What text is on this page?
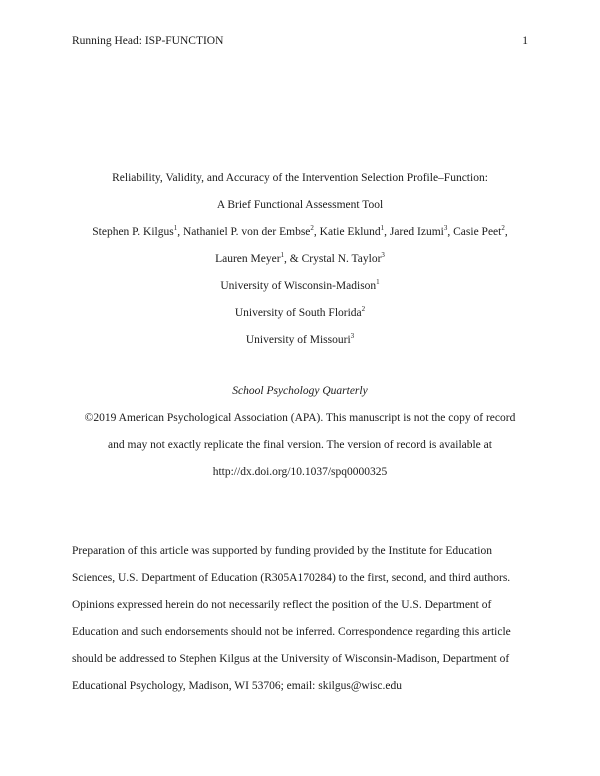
Running Head: ISP-FUNCTION	1

Reliability, Validity, and Accuracy of the Intervention Selection Profile–Function:

A Brief Functional Assessment Tool

Stephen P. Kilgus$^1$, Nathaniel P. von der Embse$^2$, Katie Eklund$^1$, Jared Izumi$^3$, Casie Peet$^2$,

Lauren Meyer$^1$, & Crystal N. Taylor$^3$

University of Wisconsin-Madison$^1$

University of South Florida$^2$

University of Missouri$^3$

School Psychology Quarterly

©2019 American Psychological Association (APA). This manuscript is not the copy of record

and may not exactly replicate the final version. The version of record is available at

http://dx.doi.org/10.1037/spq0000325

Preparation of this article was supported by funding provided by the Institute for Education

Sciences, U.S. Department of Education (R305A170284) to the first, second, and third authors.

Opinions expressed herein do not necessarily reflect the position of the U.S. Department of

Education and such endorsements should not be inferred. Correspondence regarding this article

should be addressed to Stephen Kilgus at the University of Wisconsin-Madison, Department of

Educational Psychology, Madison, WI 53706; email: skilgus@wisc.edu
